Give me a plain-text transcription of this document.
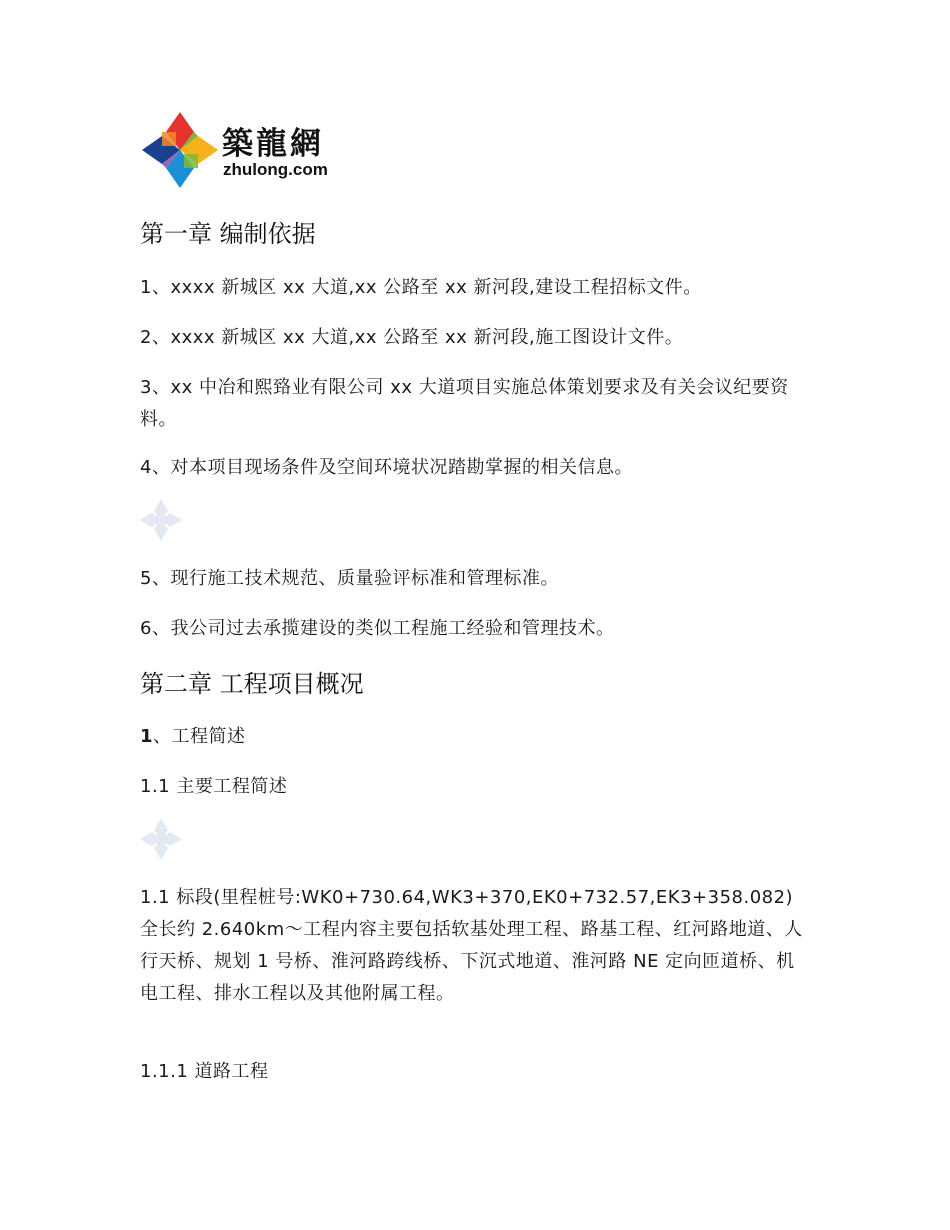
築龍網
zhulong.com
第一章 编制依据
1、xxxx 新城区 xx 大道,xx 公路至 xx 新河段,建设工程招标文件。
2、xxxx 新城区 xx 大道,xx 公路至 xx 新河段,施工图设计文件。
3、xx 中冶和熙臵业有限公司 xx 大道项目实施总体策划要求及有关会议纪要资料。
4、对本项目现场条件及空间环境状况踏勘掌握的相关信息。
5、现行施工技术规范、质量验评标准和管理标准。
6、我公司过去承揽建设的类似工程施工经验和管理技术。
第二章 工程项目概况
1、工程简述
1.1 主要工程简述
1.1 标段(里程桩号:WK0+730.64,WK3+370,EK0+732.57,EK3+358.082)全长约 2.640km～工程内容主要包括软基处理工程、路基工程、红河路地道、人行天桥、规划 1 号桥、淮河路跨线桥、下沉式地道、淮河路 NE 定向匝道桥、机电工程、排水工程以及其他附属工程。
1.1.1 道路工程
